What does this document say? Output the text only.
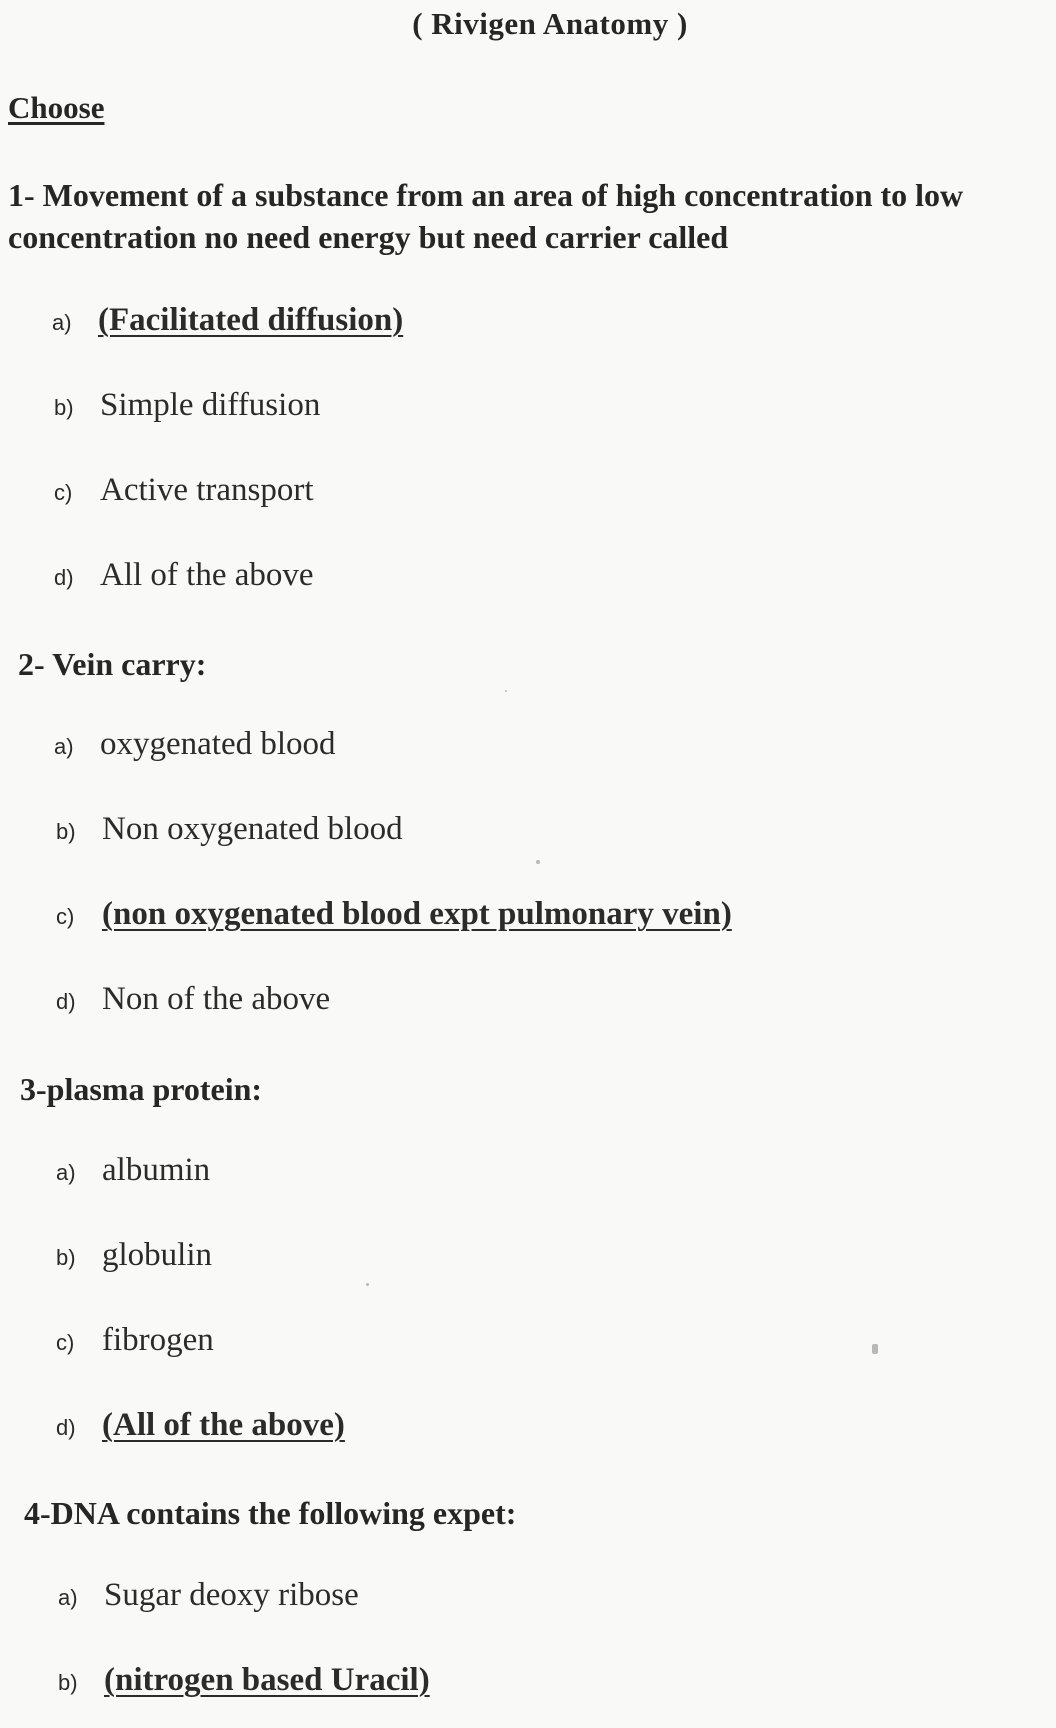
( Rivigen Anatomy )
Choose
1- Movement of a substance from an area of high concentration to low concentration no need energy but need carrier called
a) (Facilitated diffusion)
b) Simple diffusion
c) Active transport
d) All of the above
2- Vein carry:
a) oxygenated blood
b) Non oxygenated blood
c) (non oxygenated blood expt pulmonary vein)
d) Non of the above
3-plasma protein:
a) albumin
b) globulin
c) fibrogen
d) (All of the above)
4-DNA contains the following expet:
a) Sugar deoxy ribose
b) (nitrogen based Uracil)
